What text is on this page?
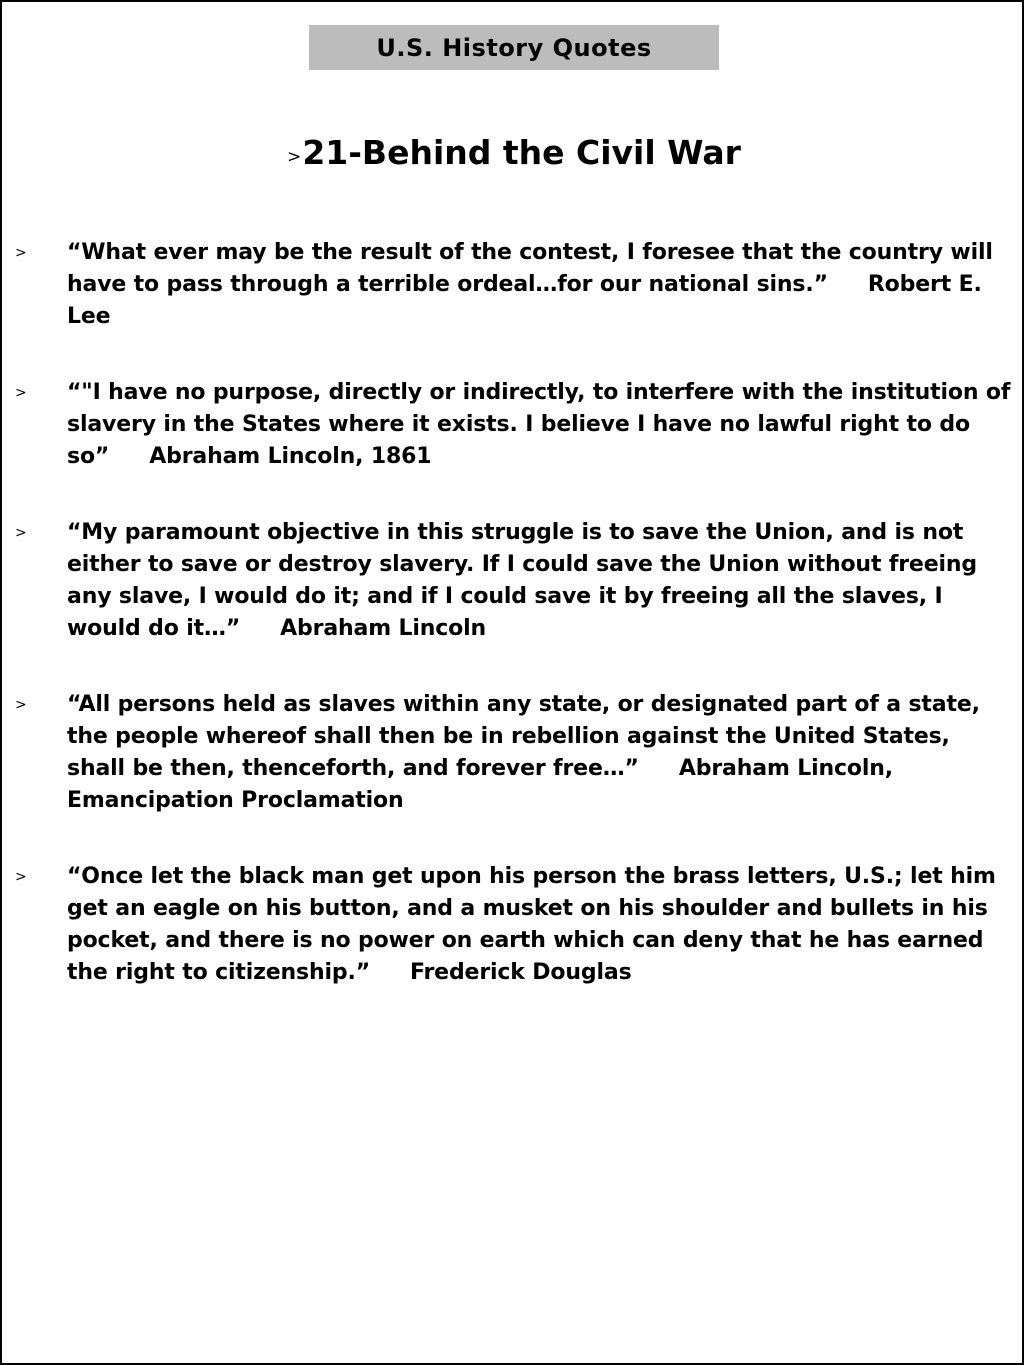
U.S. History Quotes
>21-Behind the Civil War
> “What ever may be the result of the contest, I foresee that the country will have to pass through a terrible ordeal…for our national sins.” Robert E. Lee
> “"I have no purpose, directly or indirectly, to interfere with the institution of slavery in the States where it exists. I believe I have no lawful right to do so” Abraham Lincoln, 1861
> “My paramount objective in this struggle is to save the Union, and is not either to save or destroy slavery. If I could save the Union without freeing any slave, I would do it; and if I could save it by freeing all the slaves, I would do it…” Abraham Lincoln
> “All persons held as slaves within any state, or designated part of a state, the people whereof shall then be in rebellion against the United States, shall be then, thenceforth, and forever free…” Abraham Lincoln, Emancipation Proclamation
> “Once let the black man get upon his person the brass letters, U.S.; let him get an eagle on his button, and a musket on his shoulder and bullets in his pocket, and there is no power on earth which can deny that he has earned the right to citizenship.” Frederick Douglas
